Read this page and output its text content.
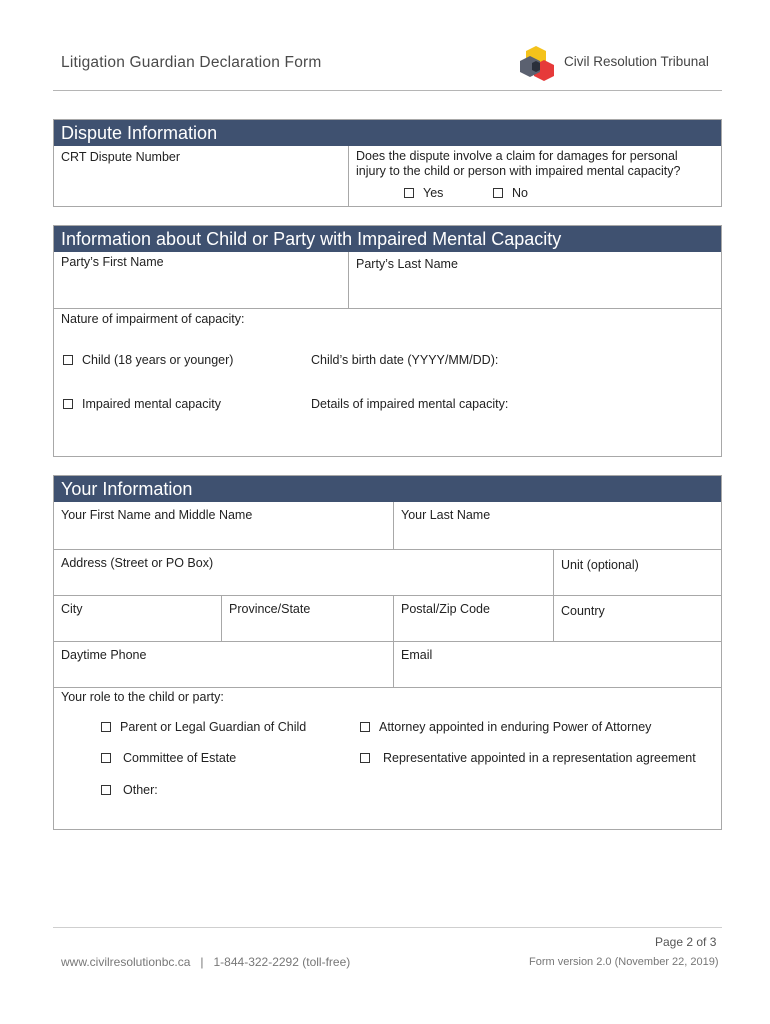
Litigation Guardian Declaration Form	Civil Resolution Tribunal
Dispute Information
CRT Dispute Number	Does the dispute involve a claim for damages for personal
injury to the child or person with impaired mental capacity?
Yes	No
Information about Child or Party with Impaired Mental Capacity
Party’s First Name	Party’s Last Name
Nature of impairment of capacity:
Child (18 years or younger)	Child’s birth date (YYYY/MM/DD):
Impaired mental capacity	Details of impaired mental capacity:
Your Information
Your First Name and Middle Name	Your Last Name
Address (Street or PO Box)	Unit (optional)
City	Province/State	Postal/Zip Code	Country
Daytime Phone	Email
Your role to the child or party:
Parent or Legal Guardian of Child	Attorney appointed in enduring Power of Attorney
Committee of Estate	Representative appointed in a representation agreement
Other:
Page 2 of 3
www.civilresolutionbc.ca   |   1-844-322-2292 (toll-free)	Form version 2.0 (November 22, 2019)
